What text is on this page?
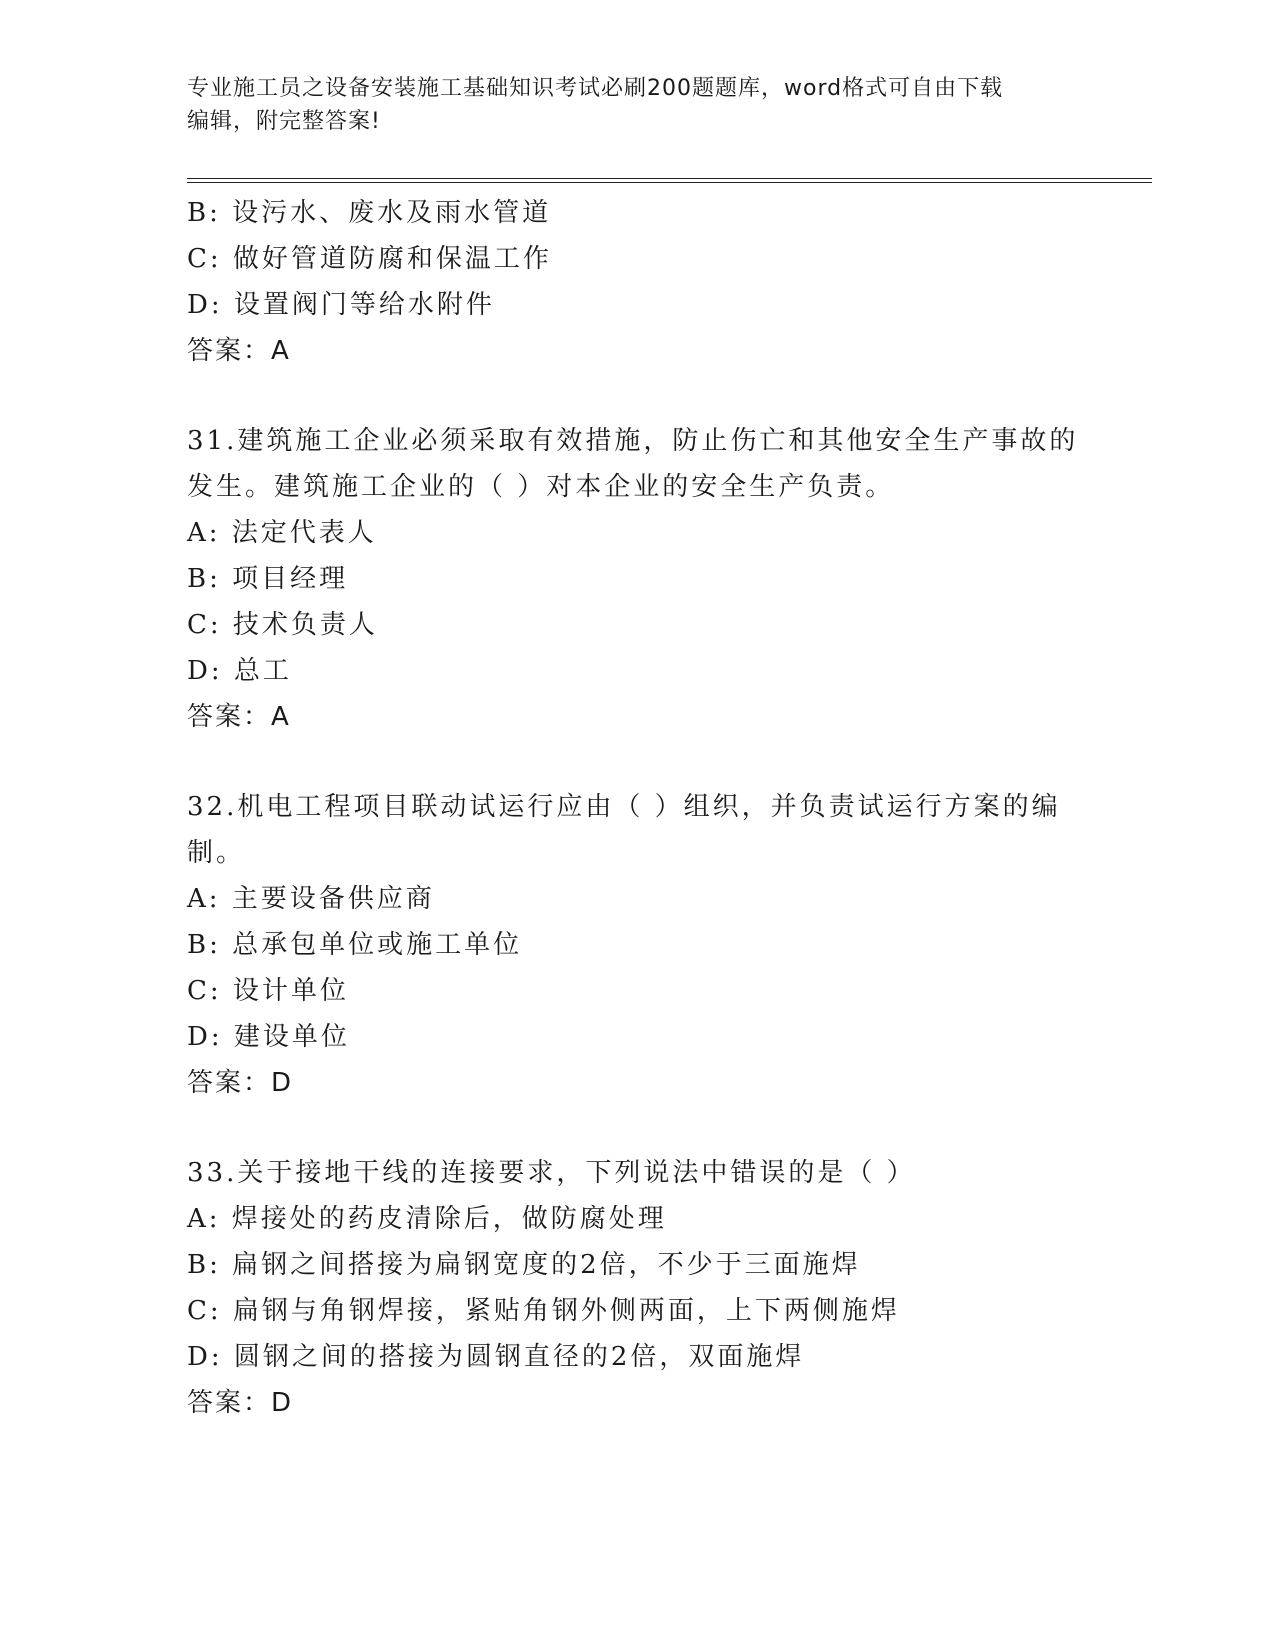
专业施工员之设备安装施工基础知识考试必刷200题题库，word格式可自由下载
编辑，附完整答案!
B: 设污水、废水及雨水管道
C: 做好管道防腐和保温工作
D: 设置阀门等给水附件
答案：A
31.建筑施工企业必须采取有效措施，防止伤亡和其他安全生产事故的
发生。建筑施工企业的（ ）对本企业的安全生产负责。
A: 法定代表人
B: 项目经理
C: 技术负责人
D: 总工
答案：A
32.机电工程项目联动试运行应由（ ）组织，并负责试运行方案的编
制。
A: 主要设备供应商
B: 总承包单位或施工单位
C: 设计单位
D: 建设单位
答案：D
33.关于接地干线的连接要求，下列说法中错误的是（ ）
A: 焊接处的药皮清除后，做防腐处理
B: 扁钢之间搭接为扁钢宽度的2倍，不少于三面施焊
C: 扁钢与角钢焊接，紧贴角钢外侧两面，上下两侧施焊
D: 圆钢之间的搭接为圆钢直径的2倍，双面施焊
答案：D
